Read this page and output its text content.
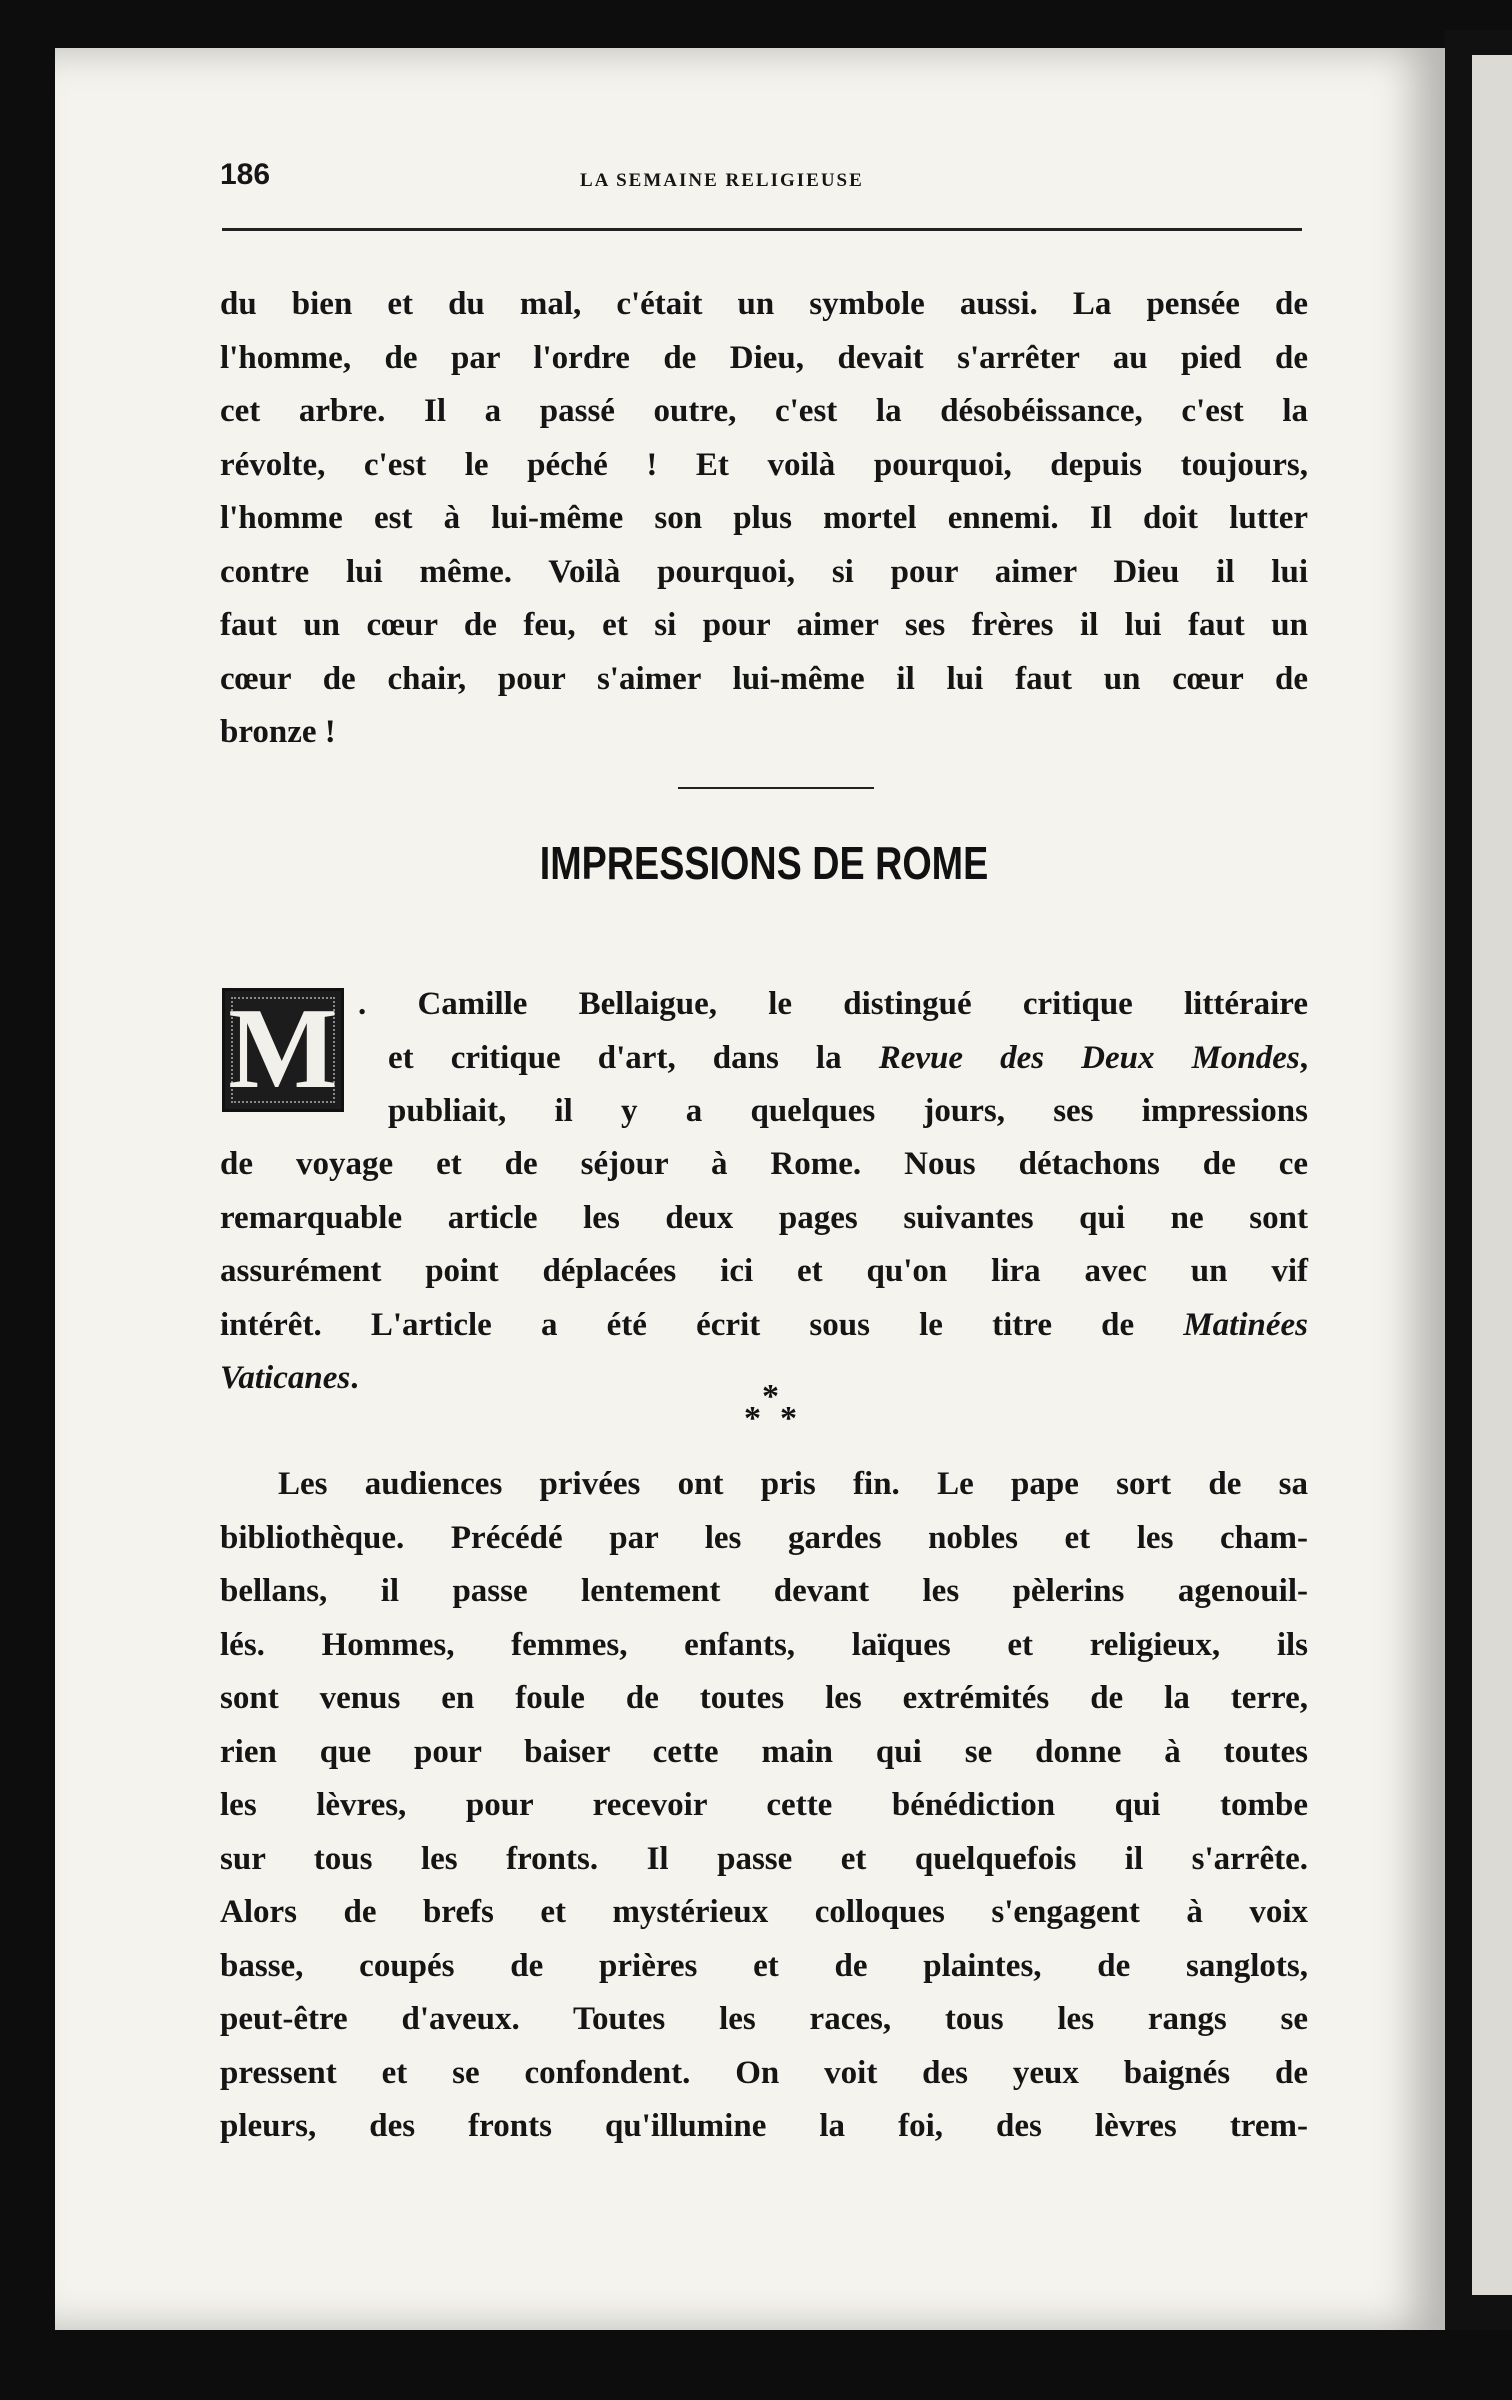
186	LA SEMAINE RELIGIEUSE
du bien et du mal, c'était un symbole aussi. La pensée de
l'homme, de par l'ordre de Dieu, devait s'arrêter au pied de
cet arbre. Il a passé outre, c'est la désobéissance, c'est la
révolte, c'est le péché ! Et voilà pourquoi, depuis toujours,
l'homme est à lui-même son plus mortel ennemi. Il doit lutter
contre lui même. Voilà pourquoi, si pour aimer Dieu il lui
faut un cœur de feu, et si pour aimer ses frères il lui faut un
cœur de chair, pour s'aimer lui-même il lui faut un cœur de
bronze !
IMPRESSIONS DE ROME
M . Camille Bellaigue, le distingué critique littéraire
et critique d'art, dans la Revue des Deux Mondes,
publiait, il y a quelques jours, ses impressions
de voyage et de séjour à Rome. Nous détachons de ce
remarquable article les deux pages suivantes qui ne sont
assurément point déplacées ici et qu'on lira avec un vif
intérêt. L'article a été écrit sous le titre de Matinées
Vaticanes.	*
* *
Les audiences privées ont pris fin. Le pape sort de sa
bibliothèque. Précédé par les gardes nobles et les cham-
bellans, il passe lentement devant les pèlerins agenouil-
lés. Hommes, femmes, enfants, laïques et religieux, ils
sont venus en foule de toutes les extrémités de la terre,
rien que pour baiser cette main qui se donne à toutes
les lèvres, pour recevoir cette bénédiction qui tombe
sur tous les fronts. Il passe et quelquefois il s'arrête.
Alors de brefs et mystérieux colloques s'engagent à voix
basse, coupés de prières et de plaintes, de sanglots,
peut-être d'aveux. Toutes les races, tous les rangs se
pressent et se confondent. On voit des yeux baignés de
pleurs, des fronts qu'illumine la foi, des lèvres trem-
